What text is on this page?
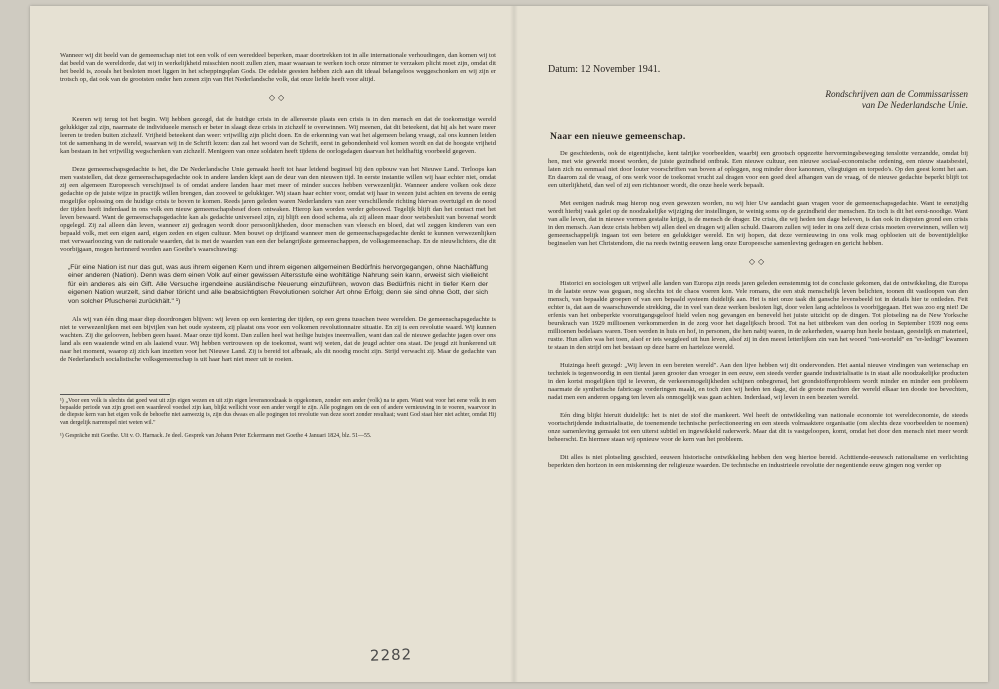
Wanneer wij dit beeld van de gemeenschap niet tot een volk of een wereddeel beperken, maar doortrekken tot in alle internationale verhoudingen, dan komen wij tot dat beeld van de wereldorde, dat wij in werkelijkheid misschien nooit zullen zien, maar waaraan te werken toch onze nimmer te verzaken plicht moet zijn, omdat dit het beeld is, zooals het besloten moet liggen in het scheppingsplan Gods. De edelste geesten hebben zich aan dit ideaal belangeloos weggeschonken en wij zijn er trotsch op, dat ook van de grootsten onder hen zonen zijn van Het Nederlandsche volk, dat onze liefde heeft voor altijd.

◇◇

Keeren wij terug tot het begin. Wij hebben gezegd, dat de huidige crisis in de allereerste plaats een crisis is in den mensch en dat de toekomstige wereld gelukkiger zal zijn, naarmate de individueele mensch er beter in slaagt deze crisis in zichzelf te overwinnen. Wij meenen, dat dit beteekent, dat hij als het ware meer leeren te treden buiten zichzelf. Vrijheid beteekent dan weer: vrijwillig zijn plicht doen. En de erkenning van wat het algemeen belang vraagt, zal ons kunnen leiden tot de samenhang in de wereld, waarvan wij in de Schrift lezen: dan zal het woord van de Schrift, eerst in gebondenheid vol komen wordt en dat de hoogste vrijheid kan bestaan in het vrijwillig wegschenken van zichzelf. Menigeen van onze soldaten heeft tijdens de oorlogsdagen daarvan het heldhaftig voorbeeld gegeven.

Deze gemeenschapsgedachte is het, die De Nederlandsche Unie gemaakt heeft tot haar leidend beginsel bij den opbouw van het Nieuwe Land. Terloops kan men vaststellen, dat deze gemeenschapsgedachte ook in andere landen klept aan de deur van den nieuwen tijd. In eerste instantie willen wij haar echter niet, omdat zij een algemeen Europeesch verschijnsel is of omdat andere landen haar met meer of minder succes hebben verwezenlijkt. Wanneer andere volken ook deze gedachte op de juiste wijze in practijk willen brengen, dan zooveel te gelukkiger. Wij staan haar echter voor, omdat wij haar in wezen juist achten en tevens de eenig mogelijke oplossing om de huidige crisis te boven te komen. Reeds jaren geleden waren Nederlanders van zeer verschillende richting hiervan overtuigd en de nood der tijden heeft inderdaad in ons volk een nieuw gemeenschapsbesef doen ontwaken. Hierop kan worden verder gebouwd. Tegelijk blijft dan het contact met het leven bewaard. Want de gemeenschapsgedachte kan als gedachte universeel zijn, zij blijft een dood schema, als zij alleen maar door wetsbesluit van bovenaf wordt opgelegd. Zij zal alleen dàn leven, wanneer zij gedragen wordt door persoonlijkheden, door menschen van vleesch en bloed, dat wil zeggen kinderen van een bepaald volk, met een eigen aard, eigen zeden en eigen cultuur. Men bouwt op drijfzand wanneer men de gemeenschapsgedachte denkt te kunnen verwezenlijken met verwaarloozing van de nationale waarden, dat is met de waarden van een der belangrijkste gemeenschappen, de volksgemeenschap. En de nieuwlichters, die dit voorbijgaan, mogen herinnerd worden aan Goethe's waarschuwing:

„Für eine Nation ist nur das gut, was aus ihrem eigenen Kern und ihrem eigenen allgemeinen Bedürfnis hervorgegangen, ohne Nachäffung einer anderen (Nation). Denn was dem einen Volk auf einer gewissen Altersstufe eine wohltätige Nahrung sein kann, erweist sich vielleicht für ein anderes als ein Gift. Alle Versuche irgendeine ausländische Neuerung einzuführen, wovon das Bedürfnis nicht in tiefer Kern der eigenen Nation wurzelt, sind daher töricht und alle beabsichtigten Revolutionen solcher Art ohne Erfolg; denn sie sind ohne Gott, der sich von solcher Pfuscherei zurückhält." ¹)

Als wij van één ding maar diep doordrongen blijven: wij leven op een kentering der tijden, op een grens tusschen twee werelden. De gemeenschapsgedachte is niet te verwezenlijken met een bijvijlen van het oude systeem, zij plaatst ons voor een volkomen revolutionnaire situatie. En zij is een revolutie waard. Wij kunnen wachten. Zij die gelooven, hebben geen haast. Maar onze tijd komt. Dan zullen heel wat heilige huisjes ineenvallen, want dan zal de nieuwe gedachte jagen over ons land als een waaiende wind en als laaiend vuur. Wij hebben vertrouwen op de toekomst, want wij weten, dat de jeugd achter ons staat. De jeugd zit hunkerend uit naar het moment, waarop zij zich kan inzetten voor het Nieuwe Land. Zij is bereid tot afbraak, als dit noodig mocht zijn. Strijd verwacht zij. Maar de gedachte van de Nederlandsch socialistische volksgemeenschap is uit haar hart niet meer uit te roeien.

¹) „Voor een volk is slechts dat goed wat uit zijn eigen wezen en uit zijn eigen levensnoodzaak is opgekomen, zonder een ander (volk) na te apen. Want wat voor het eene volk in een bepaalde periode van zijn groei een waardevol voedsel zijn kan, blijkt wellicht voor een ander vergif te zijn. Alle pogingen om de een of andere vernieuwing in te voeren, waarvoor in de diepste kern van het eigen volk de behoefte niet aanwezig is, zijn dus dwaas en alle pogingen tot revolutie van deze soort zonder resultaat; want God staat hier niet achter, omdat Hij van dergelijk narrenspel niet weten wil."

¹) Gespräche mit Goethe. Uit v. O. Harnack. Je deel. Gesprek van Johann Peter Eckermann met Goethe 4 Januari 1824, blz. 51—55.

Datum: 12 November 1941.
Rondschrijven aan de Commissarissen
van De Nederlandsche Unie.
Naar een nieuwe gemeenschap.

De geschiedenis, ook de eigentijdsche, kent talrijke voorbeelden, waarbij een grootsch opgezette hervormingsbeweging tenslotte verzandde, omdat bij hen, met wie gewerkt moest worden, de juiste gezindheid ontbrak. Een nieuwe cultuur, een nieuwe sociaal-economische ordening, een nieuw staatsbestel, laten zich nu eenmaal niet door louter voorschriften van boven af opleggen, nog minder door kanonnen, vliegtuigen en torpedo's. Op den geest komt het aan. En daarom zal de vraag, of ons werk voor de toekomst vrucht zal dragen voor een goed deel afhangen van de vraag, of de nieuwe gedachte beperkt blijft tot een uiterlijkheid, dan wel of zij een richtsnoer wordt, die onze heele werk bepaalt.

Met eenigen nadruk mag hierop nog even gewezen worden, nu wij hier Uw aandacht gaan vragen voor de gemeenschapsgedachte. Want te eenzijdig wordt hierbij vaak gelet op de noodzakelijke wijziging der instellingen, te weinig soms op de gezindheid der menschen. En toch is dit het eerst-noodige. Want van alle leven, dat in nieuwe vormen gestalte krijgt, is de mensch de drager. De crisis, die wij heden ten dage beleven, is dan ook in diepsten grond een crisis in den mensch. Aan deze crisis hebben wij allen deel en dragen wij allen schuld. Daarom zullen wij ieder in ons zelf deze crisis moeten overwinnen, willen wij gemeenschappelijk ingaan tot een betere en gelukkiger wereld. En wij hopen, dat deze vernieuwing in ons volk mag opbloeien uit de boventijdelijke beginselen van het Christendom, die na reeds twintig eeuwen lang onze Europeesche samenleving gedragen en gericht hebben.

◇◇

Historici en sociologen uit vrijwel alle landen van Europa zijn reeds jaren geleden eenstemmig tot de conclusie gekomen, dat de ontwikkeling, die Europa in de laatste eeuw was gegaan, nog slechts tot de chaos voeren kon. Vele romans, die een stuk menschelijk leven belichten, toonen dit vastloopen van den mensch, van bepaalde groepen of van een bepaald systeem duidelijk aan. Het is niet onze taak dit gansche levensbeeld tot in details hier te ontleden. Feit echter is, dat aan de waarschuwende strekking, die in veel van deze werken besloten ligt, door velen lang achteloos is voorbijgegaan. Het was zoo erg niet! De erfenis van het onbeperkte vooruitgangsgeloof hield velen nog gevangen en beneveld het juiste uitzicht op de dingen. Tot plotseling na de New Yorksche beurskrach van 1929 millioenen verkommerden in de zorg voor het dagelijksch brood. Tot na het uitbreken van den oorlog in September 1939 nog eens millioenen bedelaars waren. Toen werden in huis en hof, in personen, die hen nabij waren, in de zekerheden, waarop hun heele bestaan, geestelijk en materieel, rustte. Hun allen was het toen, alsof er iets weggleed uit hun leven, alsof zij in den meest letterlijken zin van het woord "ont-worteld" en "er-lediigt" kwamen te staan in den strijd om het bestaan op deze barre en harteloze wereld.

Huizinga heeft gezegd: „Wij leven in een bereten wereld". Aan den lijve hebben wij dit ondervonden. Het aantal nieuwe vindingen van wetenschap en techniek is tegenwoordig in een tiental jaren grooter dan vroeger in een eeuw, een steeds verder gaande industrialisatie is in staat alle noodzakelijke producten in den kortst mogelijken tijd te leveren, de verkeersmogelijkheden schijnen onbegrensd, het grondstoffenprobleem wordt minder en minder een probleem naarmate de synthetische fabricage vorderingen maakt, en toch zien wij heden ten dage, dat de groote machten der wereld elkaar ten doode toe bevechten, nadat men een anderen opgang ten leven als onmogelijk was gaan achten. Inderdaad, wij leven in een bezeten wereld.

Eén ding blijkt hieruit duidelijk: het is niet de stof die mankeert. Wel heeft de ontwikkeling van nationale economie tot wereldeconomie, de steeds voortschrijdende industrialisatie, de toenemende technische perfectioneering en een steeds volmaaktere organisatie (om slechts deze voorbeelden te noemen) onze samenleving gemaakt tot een uiterst subtiel en ingewikkeld raderwerk. Maar dat dit is vastgeloopen, komt, omdat het door den mensch niet meer wordt beheerscht. En hiermee staan wij opnieuw voor de kern van het probleem.

Dit alles is niet plotseling geschied, eeuwen historische ontwikkeling hebben den weg hiertoe bereid. Achttiende-eeuwsch rationalisme en verlichting beperkten den horizon in een miskenning der religieuze waarden. De technische en industrieele revolutie der negentiende eeuw gingen nog verder op

2282
